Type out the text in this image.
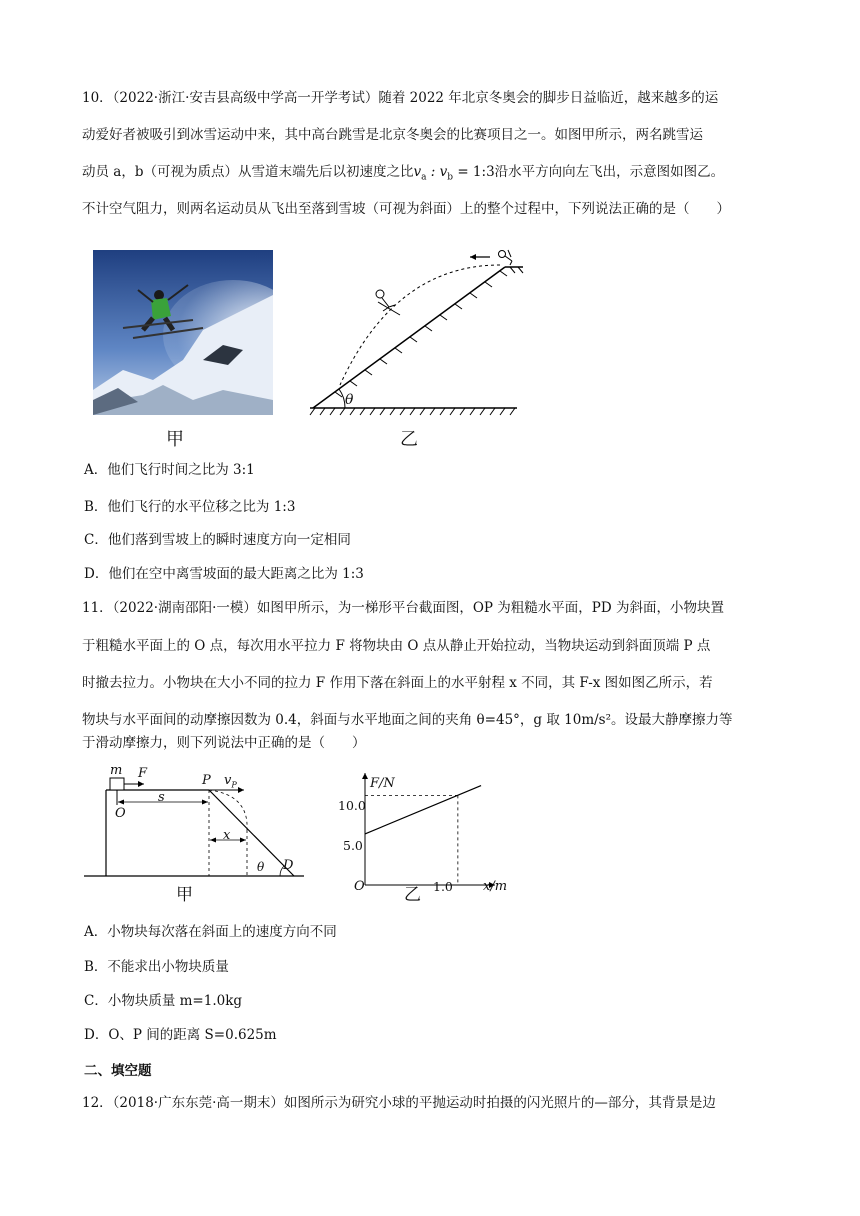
10．（2022·浙江·安吉县高级中学高一开学考试）随着 2022 年北京冬奥会的脚步日益临近，越来越多的运
动爱好者被吸引到冰雪运动中来，其中高台跳雪是北京冬奥会的比赛项目之一。如图甲所示，两名跳雪运
动员 a，b（可视为质点）从雪道末端先后以初速度之比$v_a$ : $v_b$ = 1:3沿水平方向向左飞出，示意图如图乙。
不计空气阻力，则两名运动员从飞出至落到雪坡（可视为斜面）上的整个过程中，下列说法正确的是（　　）
甲
θ
乙
A．他们飞行时间之比为 3:1
B．他们飞行的水平位移之比为 1:3
C．他们落到雪坡上的瞬时速度方向一定相同
D．他们在空中离雪坡面的最大距离之比为 1:3
11．（2022·湖南邵阳·一模）如图甲所示，为一梯形平台截面图，OP 为粗糙水平面，PD 为斜面，小物块置
于粗糙水平面上的 O 点，每次用水平拉力 F 将物块由 O 点从静止开始拉动，当物块运动到斜面顶端 P 点
时撤去拉力。小物块在大小不同的拉力 F 作用下落在斜面上的水平射程 x 不同，其 F-x 图如图乙所示，若
物块与水平面间的动摩擦因数为 0.4，斜面与水平地面之间的夹角 θ=45°，g 取 10m/s²。设最大静摩擦力等
于滑动摩擦力，则下列说法中正确的是（　　）
m F	P $v_P$
O
s
x
θ D
甲
F/N
x/m
O
10.0
5.0
1.0
乙
A．小物块每次落在斜面上的速度方向不同
B．不能求出小物块质量
C．小物块质量 m=1.0kg
D．O、P 间的距离 S=0.625m
二、填空题
12．（2018·广东东莞·高一期末）如图所示为研究小球的平抛运动时拍摄的闪光照片的—部分，其背景是边
